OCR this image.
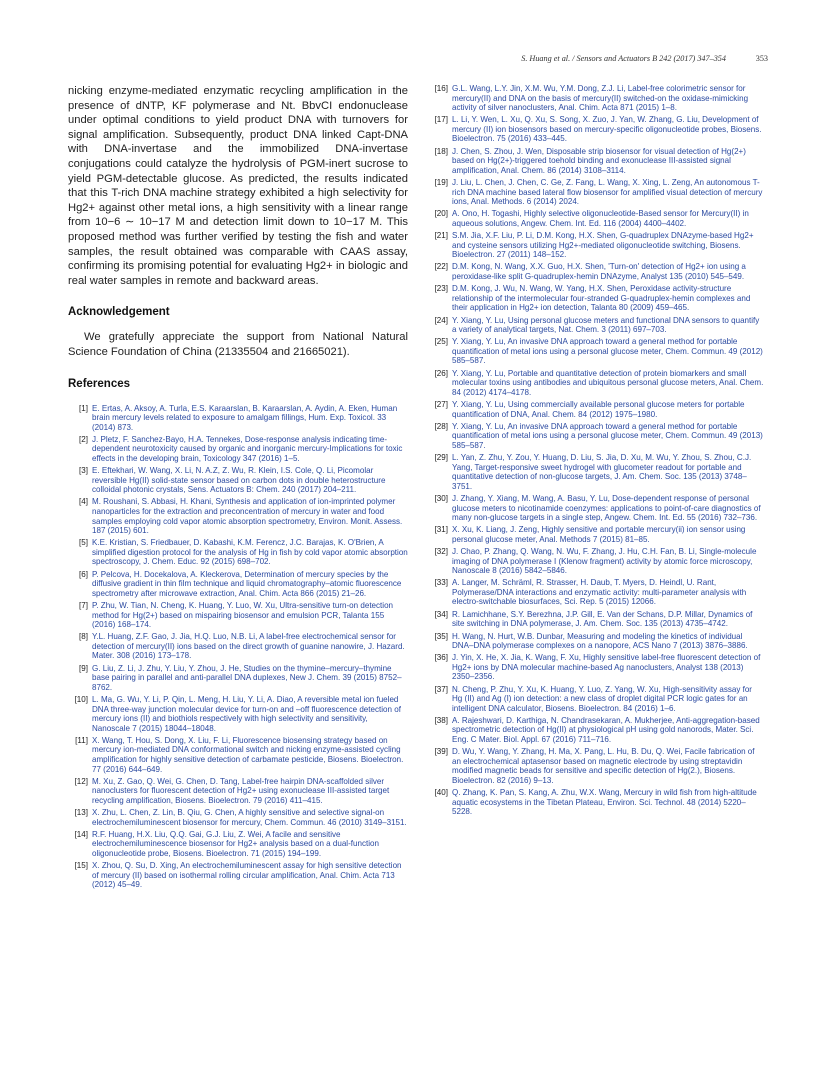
S. Huang et al. / Sensors and Actuators B 242 (2017) 347–354	353

nicking enzyme-mediated enzymatic recycling amplification in the presence of dNTP, KF polymerase and Nt. BbvCI endonuclease under optimal conditions to yield product DNA with turnovers for signal amplification. Subsequently, product DNA linked Capt-DNA with DNA-invertase and the immobilized DNA-invertase conjugations could catalyze the hydrolysis of PGM-inert sucrose to yield PGM-detectable glucose. As predicted, the results indicated that this T-rich DNA machine strategy exhibited a high selectivity for Hg2+ against other metal ions, a high sensitivity with a linear range from 10−6 ∼ 10−17 M and detection limit down to 10−17 M. This proposed method was further verified by testing the fish and water samples, the result obtained was comparable with CAAS assay, confirming its promising potential for evaluating Hg2+ in biologic and real water samples in remote and backward areas.

Acknowledgement

We gratefully appreciate the support from National Natural Science Foundation of China (21335504 and 21665021).

References
[1] E. Ertas, A. Aksoy, A. Turla, E.S. Karaarslan, B. Karaarslan, A. Aydin, A. Eken, Human brain mercury levels related to exposure to amalgam fillings, Hum. Exp. Toxicol. 33 (2014) 873.
[2] J. Pletz, F. Sanchez-Bayo, H.A. Tennekes, Dose-response analysis indicating time-dependent neurotoxicity caused by organic and inorganic mercury-Implications for toxic effects in the developing brain, Toxicology 347 (2016) 1–5.
[3] E. Eftekhari, W. Wang, X. Li, N. A.Z, Z. Wu, R. Klein, I.S. Cole, Q. Li, Picomolar reversible Hg(II) solid-state sensor based on carbon dots in double heterostructure colloidal photonic crystals, Sens. Actuators B: Chem. 240 (2017) 204–211.
[4] M. Roushani, S. Abbasi, H. Khani, Synthesis and application of ion-imprinted polymer nanoparticles for the extraction and preconcentration of mercury in water and food samples employing cold vapor atomic absorption spectrometry, Environ. Monit. Assess. 187 (2015) 601.
[5] K.E. Kristian, S. Friedbauer, D. Kabashi, K.M. Ferencz, J.C. Barajas, K. O'Brien, A simplified digestion protocol for the analysis of Hg in fish by cold vapor atomic absorption spectroscopy, J. Chem. Educ. 92 (2015) 698–702.
[6] P. Pelcova, H. Docekalova, A. Kleckerova, Determination of mercury species by the diffusive gradient in thin film technique and liquid chromatography–atomic fluorescence spectrometry after microwave extraction, Anal. Chim. Acta 866 (2015) 21–26.
[7] P. Zhu, W. Tian, N. Cheng, K. Huang, Y. Luo, W. Xu, Ultra-sensitive turn-on detection method for Hg(2+) based on mispairing biosensor and emulsion PCR, Talanta 155 (2016) 168–174.
[8] Y.L. Huang, Z.F. Gao, J. Jia, H.Q. Luo, N.B. Li, A label-free electrochemical sensor for detection of mercury(II) ions based on the direct growth of guanine nanowire, J. Hazard. Mater. 308 (2016) 173–178.
[9] G. Liu, Z. Li, J. Zhu, Y. Liu, Y. Zhou, J. He, Studies on the thymine–mercury–thymine base pairing in parallel and anti-parallel DNA duplexes, New J. Chem. 39 (2015) 8752–8762.
[10] L. Ma, G. Wu, Y. Li, P. Qin, L. Meng, H. Liu, Y. Li, A. Diao, A reversible metal ion fueled DNA three-way junction molecular device for turn-on and –off fluorescence detection of mercury ions (II) and biothiols respectively with high selectivity and sensitivity, Nanoscale 7 (2015) 18044–18048.
[11] X. Wang, T. Hou, S. Dong, X. Liu, F. Li, Fluorescence biosensing strategy based on mercury ion-mediated DNA conformational switch and nicking enzyme-assisted cycling amplification for highly sensitive detection of carbamate pesticide, Biosens. Bioelectron. 77 (2016) 644–649.
[12] M. Xu, Z. Gao, Q. Wei, G. Chen, D. Tang, Label-free hairpin DNA-scaffolded silver nanoclusters for fluorescent detection of Hg2+ using exonuclease III-assisted target recycling amplification, Biosens. Bioelectron. 79 (2016) 411–415.
[13] X. Zhu, L. Chen, Z. Lin, B. Qiu, G. Chen, A highly sensitive and selective signal-on electrochemiluminescent biosensor for mercury, Chem. Commun. 46 (2010) 3149–3151.
[14] R.F. Huang, H.X. Liu, Q.Q. Gai, G.J. Liu, Z. Wei, A facile and sensitive electrochemiluminescence biosensor for Hg2+ analysis based on a dual-function oligonucleotide probe, Biosens. Bioelectron. 71 (2015) 194–199.
[15] X. Zhou, Q. Su, D. Xing, An electrochemiluminescent assay for high sensitive detection of mercury (II) based on isothermal rolling circular amplification, Anal. Chim. Acta 713 (2012) 45–49.
[16] G.L. Wang, L.Y. Jin, X.M. Wu, Y.M. Dong, Z.J. Li, Label-free colorimetric sensor for mercury(II) and DNA on the basis of mercury(II) switched-on the oxidase-mimicking activity of silver nanoclusters, Anal. Chim. Acta 871 (2015) 1–8.
[17] L. Li, Y. Wen, L. Xu, Q. Xu, S. Song, X. Zuo, J. Yan, W. Zhang, G. Liu, Development of mercury (II) ion biosensors based on mercury-specific oligonucleotide probes, Biosens. Bioelectron. 75 (2016) 433–445.
[18] J. Chen, S. Zhou, J. Wen, Disposable strip biosensor for visual detection of Hg(2+) based on Hg(2+)-triggered toehold binding and exonuclease III-assisted signal amplification, Anal. Chem. 86 (2014) 3108–3114.
[19] J. Liu, L. Chen, J. Chen, C. Ge, Z. Fang, L. Wang, X. Xing, L. Zeng, An autonomous T-rich DNA machine based lateral flow biosensor for amplified visual detection of mercury ions, Anal. Methods. 6 (2014) 2024.
[20] A. Ono, H. Togashi, Highly selective oligonucleotide-Based sensor for Mercury(II) in aqueous solutions, Angew. Chem. Int. Ed. 116 (2004) 4400–4402.
[21] S.M. Jia, X.F. Liu, P. Li, D.M. Kong, H.X. Shen, G-quadruplex DNAzyme-based Hg2+ and cysteine sensors utilizing Hg2+-mediated oligonucleotide switching, Biosens. Bioelectron. 27 (2011) 148–152.
[22] D.M. Kong, N. Wang, X.X. Guo, H.X. Shen, 'Turn-on' detection of Hg2+ ion using a peroxidase-like split G-quadruplex-hemin DNAzyme, Analyst 135 (2010) 545–549.
[23] D.M. Kong, J. Wu, N. Wang, W. Yang, H.X. Shen, Peroxidase activity-structure relationship of the intermolecular four-stranded G-quadruplex-hemin complexes and their application in Hg2+ ion detection, Talanta 80 (2009) 459–465.
[24] Y. Xiang, Y. Lu, Using personal glucose meters and functional DNA sensors to quantify a variety of analytical targets, Nat. Chem. 3 (2011) 697–703.
[25] Y. Xiang, Y. Lu, An invasive DNA approach toward a general method for portable quantification of metal ions using a personal glucose meter, Chem. Commun. 49 (2012) 585–587.
[26] Y. Xiang, Y. Lu, Portable and quantitative detection of protein biomarkers and small molecular toxins using antibodies and ubiquitous personal glucose meters, Anal. Chem. 84 (2012) 4174–4178.
[27] Y. Xiang, Y. Lu, Using commercially available personal glucose meters for portable quantification of DNA, Anal. Chem. 84 (2012) 1975–1980.
[28] Y. Xiang, Y. Lu, An invasive DNA approach toward a general method for portable quantification of metal ions using a personal glucose meter, Chem. Commun. 49 (2013) 585–587.
[29] L. Yan, Z. Zhu, Y. Zou, Y. Huang, D. Liu, S. Jia, D. Xu, M. Wu, Y. Zhou, S. Zhou, C.J. Yang, Target-responsive sweet hydrogel with glucometer readout for portable and quantitative detection of non-glucose targets, J. Am. Chem. Soc. 135 (2013) 3748–3751.
[30] J. Zhang, Y. Xiang, M. Wang, A. Basu, Y. Lu, Dose-dependent response of personal glucose meters to nicotinamide coenzymes: applications to point-of-care diagnostics of many non-glucose targets in a single step, Angew. Chem. Int. Ed. 55 (2016) 732–736.
[31] X. Xu, K. Liang, J. Zeng, Highly sensitive and portable mercury(ii) ion sensor using personal glucose meter, Anal. Methods 7 (2015) 81–85.
[32] J. Chao, P. Zhang, Q. Wang, N. Wu, F. Zhang, J. Hu, C.H. Fan, B. Li, Single-molecule imaging of DNA polymerase I (Klenow fragment) activity by atomic force microscopy, Nanoscale 8 (2016) 5842–5846.
[33] A. Langer, M. Schräml, R. Strasser, H. Daub, T. Myers, D. Heindl, U. Rant, Polymerase/DNA interactions and enzymatic activity: multi-parameter analysis with electro-switchable biosurfaces, Sci. Rep. 5 (2015) 12066.
[34] R. Lamichhane, S.Y. Berezhna, J.P. Gill, E. Van der Schans, D.P. Millar, Dynamics of site switching in DNA polymerase, J. Am. Chem. Soc. 135 (2013) 4735–4742.
[35] H. Wang, N. Hurt, W.B. Dunbar, Measuring and modeling the kinetics of individual DNA–DNA polymerase complexes on a nanopore, ACS Nano 7 (2013) 3876–3886.
[36] J. Yin, X. He, X. Jia, K. Wang, F. Xu, Highly sensitive label-free fluorescent detection of Hg2+ ions by DNA molecular machine-based Ag nanoclusters, Analyst 138 (2013) 2350–2356.
[37] N. Cheng, P. Zhu, Y. Xu, K. Huang, Y. Luo, Z. Yang, W. Xu, High-sensitivity assay for Hg (II) and Ag (I) ion detection: a new class of droplet digital PCR logic gates for an intelligent DNA calculator, Biosens. Bioelectron. 84 (2016) 1–6.
[38] A. Rajeshwari, D. Karthiga, N. Chandrasekaran, A. Mukherjee, Anti-aggregation-based spectrometric detection of Hg(II) at physiological pH using gold nanorods, Mater. Sci. Eng. C Mater. Biol. Appl. 67 (2016) 711–716.
[39] D. Wu, Y. Wang, Y. Zhang, H. Ma, X. Pang, L. Hu, B. Du, Q. Wei, Facile fabrication of an electrochemical aptasensor based on magnetic electrode by using streptavidin modified magnetic beads for sensitive and specific detection of Hg(2.), Biosens. Bioelectron. 82 (2016) 9–13.
[40] Q. Zhang, K. Pan, S. Kang, A. Zhu, W.X. Wang, Mercury in wild fish from high-altitude aquatic ecosystems in the Tibetan Plateau, Environ. Sci. Technol. 48 (2014) 5220–5228.
